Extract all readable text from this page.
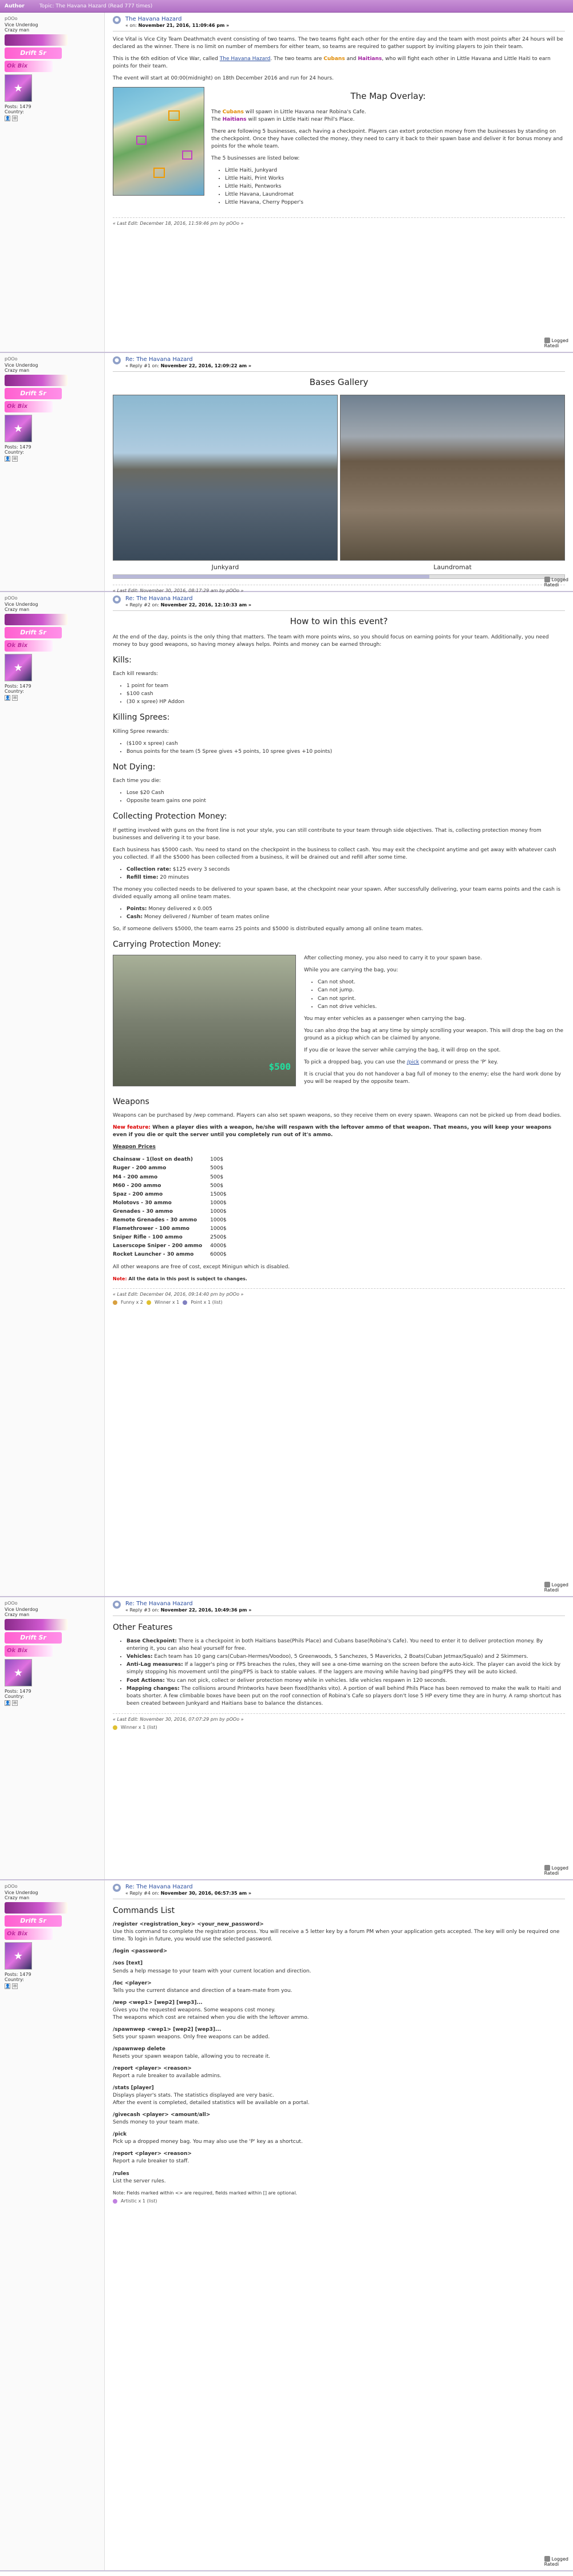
Author	Topic: The Havana Hazard (Read 777 times)
pOOo
Vice Underdog
Crazy man
Drift Sr
Ok Bix
★
Posts: 1479
Country:
👤 ✉
●	The Havana Hazard
« on: November 21, 2016, 11:09:46 pm »

Vice Vital is Vice City Team Deathmatch event consisting of two teams. The two teams fight each other for the entire day and the team with most points after 24 hours will be declared as the winner. There is no limit on number of members for either team, so teams are required to gather support by inviting players to join their team.

This is the 6th edition of Vice War, called The Havana Hazard. The two teams are Cubans and Haitians, who will fight each other in Little Havana and Little Haiti to earn points for their team.

The event will start at 00:00(midnight) on 18th December 2016 and run for 24 hours.

The Map Overlay:

The Cubans will spawn in Little Havana near Robina's Cafe.
The Haitians will spawn in Little Haiti near Phil's Place.

There are following 5 businesses, each having a checkpoint. Players can extort protection money from the businesses by standing on the checkpoint. Once they have collected the money, they need to carry it back to their spawn base and deliver it for bonus money and points for the whole team.

The 5 businesses are listed below:

• Little Haiti, Junkyard
• Little Haiti, Print Works
• Little Haiti, Pentworks
• Little Havana, Laundromat
• Little Havana, Cherry Popper's
« Last Edit: December 18, 2016, 11:59:46 pm by pOOo »
Logged
Ratedi
pOOo
Vice Underdog
Crazy man
Drift Sr
Ok Bix
★
Posts: 1479
Country:
👤 ✉
●	Re: The Havana Hazard
« Reply #1 on: November 22, 2016, 12:09:22 am »
Bases Gallery
Junkyard	Laundromat
« Last Edit: November 30, 2016, 08:17:29 am by pOOo »
Logged
Ratedi
pOOo
Vice Underdog
Crazy man
Drift Sr
Ok Bix
★
Posts: 1479
Country:
👤 ✉
●	Re: The Havana Hazard
« Reply #2 on: November 22, 2016, 12:10:33 am »
How to win this event?

At the end of the day, points is the only thing that matters. The team with more points wins, so you should focus on earning points for your team. Additionally, you need money to buy good weapons, so having money always helps. Points and money can be earned through:

Kills:

Each kill rewards:

• 1 point for team
• $100 cash
• (30 x spree) HP Addon
Killing Sprees:

Killing Spree rewards:

• ($100 x spree) cash
• Bonus points for the team (5 Spree gives +5 points, 10 spree gives +10 points)
Not Dying:

Each time you die:

• Lose $20 Cash
• Opposite team gains one point
Collecting Protection Money:

If getting involved with guns on the front line is not your style, you can still contribute to your team through side objectives. That is, collecting protection money from businesses and delivering it to your base.

Each business has $5000 cash. You need to stand on the checkpoint in the business to collect cash. You may exit the checkpoint anytime and get away with whatever cash you collected. If all the $5000 has been collected from a business, it will be drained out and refill after some time.

• Collection rate: $125 every 3 seconds
• Refill time: 20 minutes

The money you collected needs to be delivered to your spawn base, at the checkpoint near your spawn. After successfully delivering, your team earns points and the cash is divided equally among all online team mates.

• Points: Money delivered x 0.005
• Cash: Money delivered / Number of team mates online

So, if someone delivers $5000, the team earns 25 points and $5000 is distributed equally among all online team mates.

Carrying Protection Money:
$500

After collecting money, you also need to carry it to your spawn base.

While you are carrying the bag, you:

• Can not shoot.
• Can not jump.
• Can not sprint.
• Can not drive vehicles.

You may enter vehicles as a passenger when carrying the bag.

You can also drop the bag at any time by simply scrolling your weapon. This will drop the bag on the ground as a pickup which can be claimed by anyone.

If you die or leave the server while carrying the bag, it will drop on the spot.

To pick a dropped bag, you can use the /pick command or press the 'P' key.

It is crucial that you do not handover a bag full of money to the enemy; else the hard work done by you will be reaped by the opposite team.

Weapons

Weapons can be purchased by /wep command. Players can also set spawn weapons, so they receive them on every spawn. Weapons can not be picked up from dead bodies.

New feature: When a player dies with a weapon, he/she will respawn with the leftover ammo of that weapon. That means, you will keep your weapons even if you die or quit the server until you completely run out of it's ammo.

Weapon Prices

Chainsaw - 1(lost on death)	100$
Ruger - 200 ammo	500$
M4 - 200 ammo	500$
M60 - 200 ammo	500$
Spaz - 200 ammo	1500$
Molotovs - 30 ammo	1000$
Grenades - 30 ammo	1000$
Remote Grenades - 30 ammo	1000$
Flamethrower - 100 ammo	1000$
Sniper Rifle - 100 ammo	2500$
Laserscope Sniper - 200 ammo	4000$
Rocket Launcher - 30 ammo	6000$

All other weapons are free of cost, except Minigun which is disabled.

Note: All the data in this post is subject to changes.

« Last Edit: December 04, 2016, 09:14:40 pm by pOOo »
Funny x 2	Winner x 1	Point x 1 (list)
Logged
Ratedi
pOOo
Vice Underdog
Crazy man
Drift Sr
Ok Bix
★
Posts: 1479
Country:
👤 ✉
●	Re: The Havana Hazard
« Reply #3 on: November 22, 2016, 10:49:36 pm »
Other Features
• Base Checkpoint: There is a checkpoint in both Haitians base(Phils Place) and Cubans base(Robina's Cafe). You need to enter it to deliver protection money. By entering it, you can also heal yourself for free.
• Vehicles: Each team has 10 gang cars(Cuban-Hermes/Voodoo), 5 Greenwoods, 5 Sanchezes, 5 Mavericks, 2 Boats(Cuban Jetmax/Squalo) and 2 Skimmers.
• Anti-Lag measures: If a lagger's ping or FPS breaches the rules, they will see a one-time warning on the screen before the auto-kick. The player can avoid the kick by simply stopping his movement until the ping/FPS is back to stable values. If the laggers are moving while having bad ping/FPS they will be auto kicked.
• Foot Actions: You can not pick, collect or deliver protection money while in vehicles. Idle vehicles respawn in 120 seconds.
• Mapping changes: The collisions around Printworks have been fixed(thanks vito). A portion of wall behind Phils Place has been removed to make the walk to Haiti and boats shorter. A few climbable boxes have been put on the roof connection of Robina's Cafe so players don't lose 5 HP every time they are in hurry. A ramp shortcut has been created between Junkyard and Haitians base to balance the distances.
« Last Edit: November 30, 2016, 07:07:29 pm by pOOo »
Winner x 1 (list)
Logged
Ratedi
pOOo
Vice Underdog
Crazy man
Drift Sr
Ok Bix
★
Posts: 1479
Country:
👤 ✉
●	Re: The Havana Hazard
« Reply #4 on: November 30, 2016, 06:57:35 am »
Commands List
/register <registration_key> <your_new_password>
Use this command to complete the registration process. You will receive a 5 letter key by a forum PM when your application gets accepted. The key will only be required one time. To login in future, you would use the selected password.
/login <password>
/sos [text]
Sends a help message to your team with your current location and direction.
/loc <player>
Tells you the current distance and direction of a team-mate from you.
/wep <wep1> [wep2] [wep3]...
Gives you the requested weapons. Some weapons cost money.
The weapons which cost are retained when you die with the leftover ammo.
/spawnwep <wep1> [wep2] [wep3]...
Sets your spawn weapons. Only free weapons can be added.
/spawnwep delete
Resets your spawn weapon table, allowing you to recreate it.
/report <player> <reason>
Report a rule breaker to available admins.
/stats [player]
Displays player's stats. The statistics displayed are very basic.
After the event is completed, detailed statistics will be available on a portal.
/givecash <player> <amount/all>
Sends money to your team mate.
/pick
Pick up a dropped money bag. You may also use the 'P' key as a shortcut.
/report <player> <reason>
Report a rule breaker to staff.
/rules
List the server rules.
Note: Fields marked within <> are required, fields marked within [] are optional.
Artistic x 1 (list)
Logged
Ratedi
